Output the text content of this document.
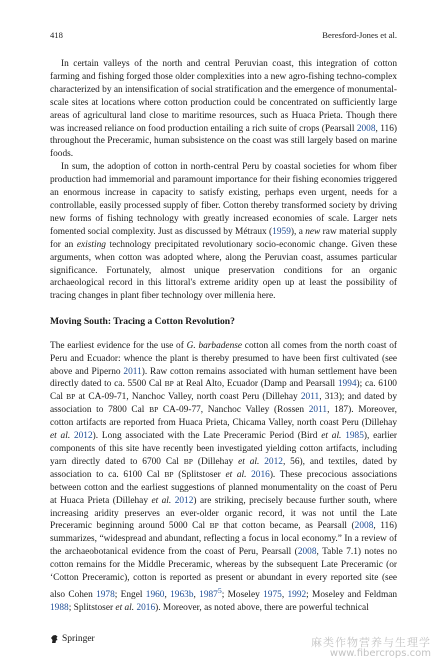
418	Beresford-Jones et al.

In certain valleys of the north and central Peruvian coast, this integration of cotton farming and fishing forged those older complexities into a new agro-fishing techno-complex characterized by an intensification of social stratification and the emergence of monumental-scale sites at locations where cotton production could be concentrated on sufficiently large areas of agricultural land close to maritime resources, such as Huaca Prieta. Though there was increased reliance on food production entailing a rich suite of crops (Pearsall 2008, 116) throughout the Preceramic, human subsistence on the coast was still largely based on marine foods.

In sum, the adoption of cotton in north-central Peru by coastal societies for whom fiber production had immemorial and paramount importance for their fishing economies triggered an enormous increase in capacity to satisfy existing, perhaps even urgent, needs for a controllable, easily processed supply of fiber. Cotton thereby transformed society by driving new forms of fishing technology with greatly increased economies of scale. Larger nets fomented social complexity. Just as discussed by Métraux (1959), a new raw material supply for an existing technology precipitated revolutionary socio-economic change. Given these arguments, when cotton was adopted where, along the Peruvian coast, assumes particular significance. Fortunately, almost unique preservation conditions for an organic archaeological record in this littoral's extreme aridity open up at least the possibility of tracing changes in plant fiber technology over millenia here.

Moving South: Tracing a Cotton Revolution?

The earliest evidence for the use of G. barbadense cotton all comes from the north coast of Peru and Ecuador: whence the plant is thereby presumed to have been first cultivated (see above and Piperno 2011). Raw cotton remains associated with human settlement have been directly dated to ca. 5500 Cal BP at Real Alto, Ecuador (Damp and Pearsall 1994); ca. 6100 Cal BP at CA-09-71, Nanchoc Valley, north coast Peru (Dillehay 2011, 313); and dated by association to 7800 Cal BP CA-09-77, Nanchoc Valley (Rossen 2011, 187). Moreover, cotton artifacts are reported from Huaca Prieta, Chicama Valley, north coast Peru (Dillehay et al. 2012). Long associated with the Late Preceramic Period (Bird et al. 1985), earlier components of this site have recently been investigated yielding cotton artifacts, including yarn directly dated to 6700 Cal BP (Dillehay et al. 2012, 56), and textiles, dated by association to ca. 6100 Cal BP (Splitstoser et al. 2016). These precocious associations between cotton and the earliest suggestions of planned monumentality on the coast of Peru at Huaca Prieta (Dillehay et al. 2012) are striking, precisely because further south, where increasing aridity preserves an ever-older organic record, it was not until the Late Preceramic beginning around 5000 Cal BP that cotton became, as Pearsall (2008, 116) summarizes, “widespread and abundant, reflecting a focus in local economy.” In a review of the archaeobotanical evidence from the coast of Peru, Pearsall (2008, Table 7.1) notes no cotton remains for the Middle Preceramic, whereas by the subsequent Late Preceramic (or ‘Cotton Preceramic), cotton is reported as present or abundant in every reported site (see also Cohen 1978; Engel 1960, 1963b, 1987$^5$; Moseley 1975, 1992; Moseley and Feldman 1988; Splitstoser et al. 2016). Moreover, as noted above, there are powerful technical

Springer	麻类作物营养与生理学
www.fibercrops.com
